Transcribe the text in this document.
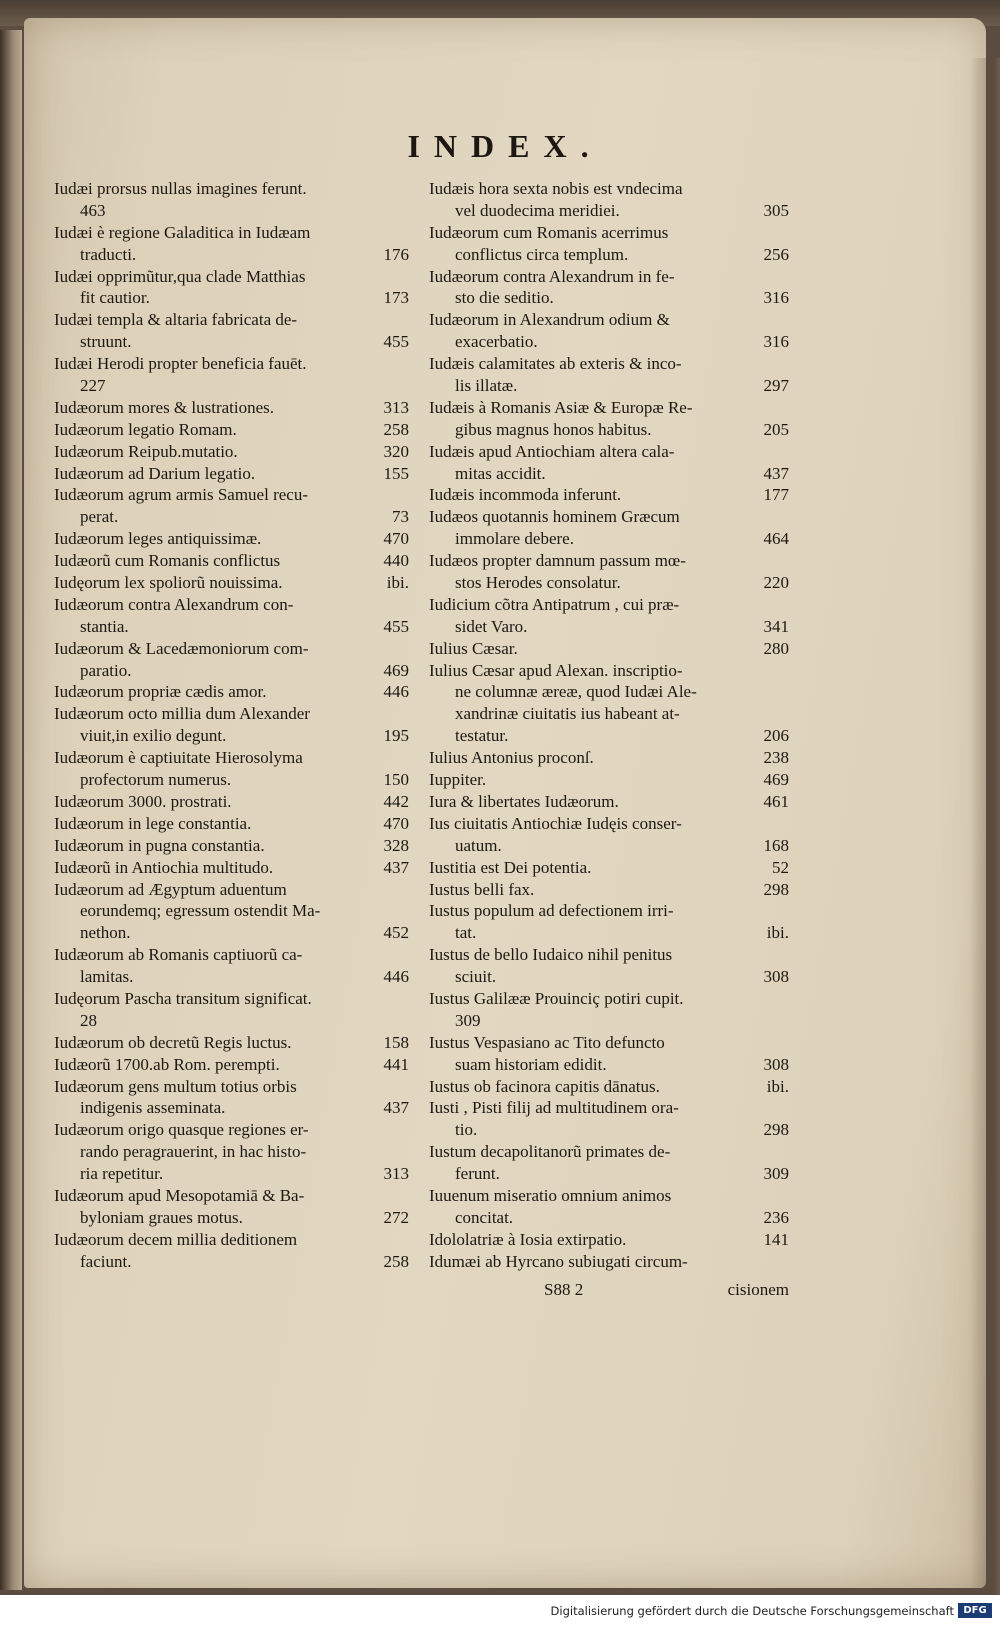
INDEX.
Iudæi prorsus nullas imagines ferunt.
463
Iudæi è regione Galaditica in Iudæam
traducti.	176
Iudæi opprimũtur,qua clade Matthias
fit cautior.	173
Iudæi templa & altaria fabricata de-
struunt.	455
Iudæi Herodi propter beneficia fauēt.
227
Iudæorum mores & lustrationes.	313
Iudæorum legatio Romam.	258
Iudæorum Reipub.mutatio.	320
Iudæorum ad Darium legatio.	155
Iudæorum agrum armis Samuel recu-
perat.	73
Iudæorum leges antiquissimæ.	470
Iudæorũ cum Romanis conflictus	440
Iudęorum lex spoliorũ nouissima.	ibi.
Iudæorum contra Alexandrum con-
stantia.	455
Iudæorum & Lacedæmoniorum com-
paratio.	469
Iudæorum propriæ cædis amor.	446
Iudæorum octo millia dum Alexander
viuit,in exilio degunt.	195
Iudæorum è captiuitate Hierosolyma
profectorum numerus.	150
Iudæorum 3000. prostrati.	442
Iudæorum in lege constantia.	470
Iudæorum in pugna constantia.	328
Iudæorũ in Antiochia multitudo.	437
Iudæorum ad Ægyptum aduentum
eorundemq; egressum ostendit Ma-
nethon.	452
Iudæorum ab Romanis captiuorũ ca-
lamitas.	446
Iudęorum Pascha transitum significat.
28
Iudæorum ob decretũ Regis luctus.	158
Iudæorũ 1700.ab Rom. perempti.	441
Iudæorum gens multum totius orbis
indigenis asseminata.	437
Iudæorum origo quasque regiones er-
rando peragrauerint, in hac histo-
ria repetitur.	313
Iudæorum apud Mesopotamiā & Ba-
byloniam graues motus.	272
Iudæorum decem millia deditionem
faciunt.	258
Iudæis hora sexta nobis est vndecima
vel duodecima meridiei.	305
Iudæorum cum Romanis acerrimus
conflictus circa templum.	256
Iudæorum contra Alexandrum in fe-
sto die seditio.	316
Iudæorum in Alexandrum odium &
exacerbatio.	316
Iudæis calamitates ab exteris & inco-
lis illatæ.	297
Iudæis à Romanis Asiæ & Europæ Re-
gibus magnus honos habitus.	205
Iudæis apud Antiochiam altera cala-
mitas accidit.	437
Iudæis incommoda inferunt.	177
Iudæos quotannis hominem Græcum
immolare debere.	464
Iudæos propter damnum passum mœ-
stos Herodes consolatur.	220
Iudicium cõtra Antipatrum , cui præ-
sidet Varo.	341
Iulius Cæsar.	280
Iulius Cæsar apud Alexan. inscriptio-
ne columnæ æreæ, quod Iudæi Ale-
xandrinæ ciuitatis ius habeant at-
testatur.	206
Iulius Antonius proconſ.	238
Iuppiter.	469
Iura & libertates Iudæorum.	461
Ius ciuitatis Antiochiæ Iudęis conser-
uatum.	168
Iustitia est Dei potentia.	52
Iustus belli fax.	298
Iustus populum ad defectionem irri-
tat.	ibi.
Iustus de bello Iudaico nihil penitus
sciuit.	308
Iustus Galilææ Prouinciç potiri cupit.
309
Iustus Vespasiano ac Tito defuncto
suam historiam edidit.	308
Iustus ob facinora capitis dānatus.	ibi.
Iusti , Pisti filij ad multitudinem ora-
tio.	298
Iustum decapolitanorũ primates de-
ferunt.	309
Iuuenum miseratio omnium animos
concitat.	236
Idololatriæ à Iosia extirpatio.	141
Idumæi ab Hyrcano subiugati circum-
S88 2	cisionem
Digitalisierung gefördert durch die Deutsche Forschungsgemeinschaft DFG
